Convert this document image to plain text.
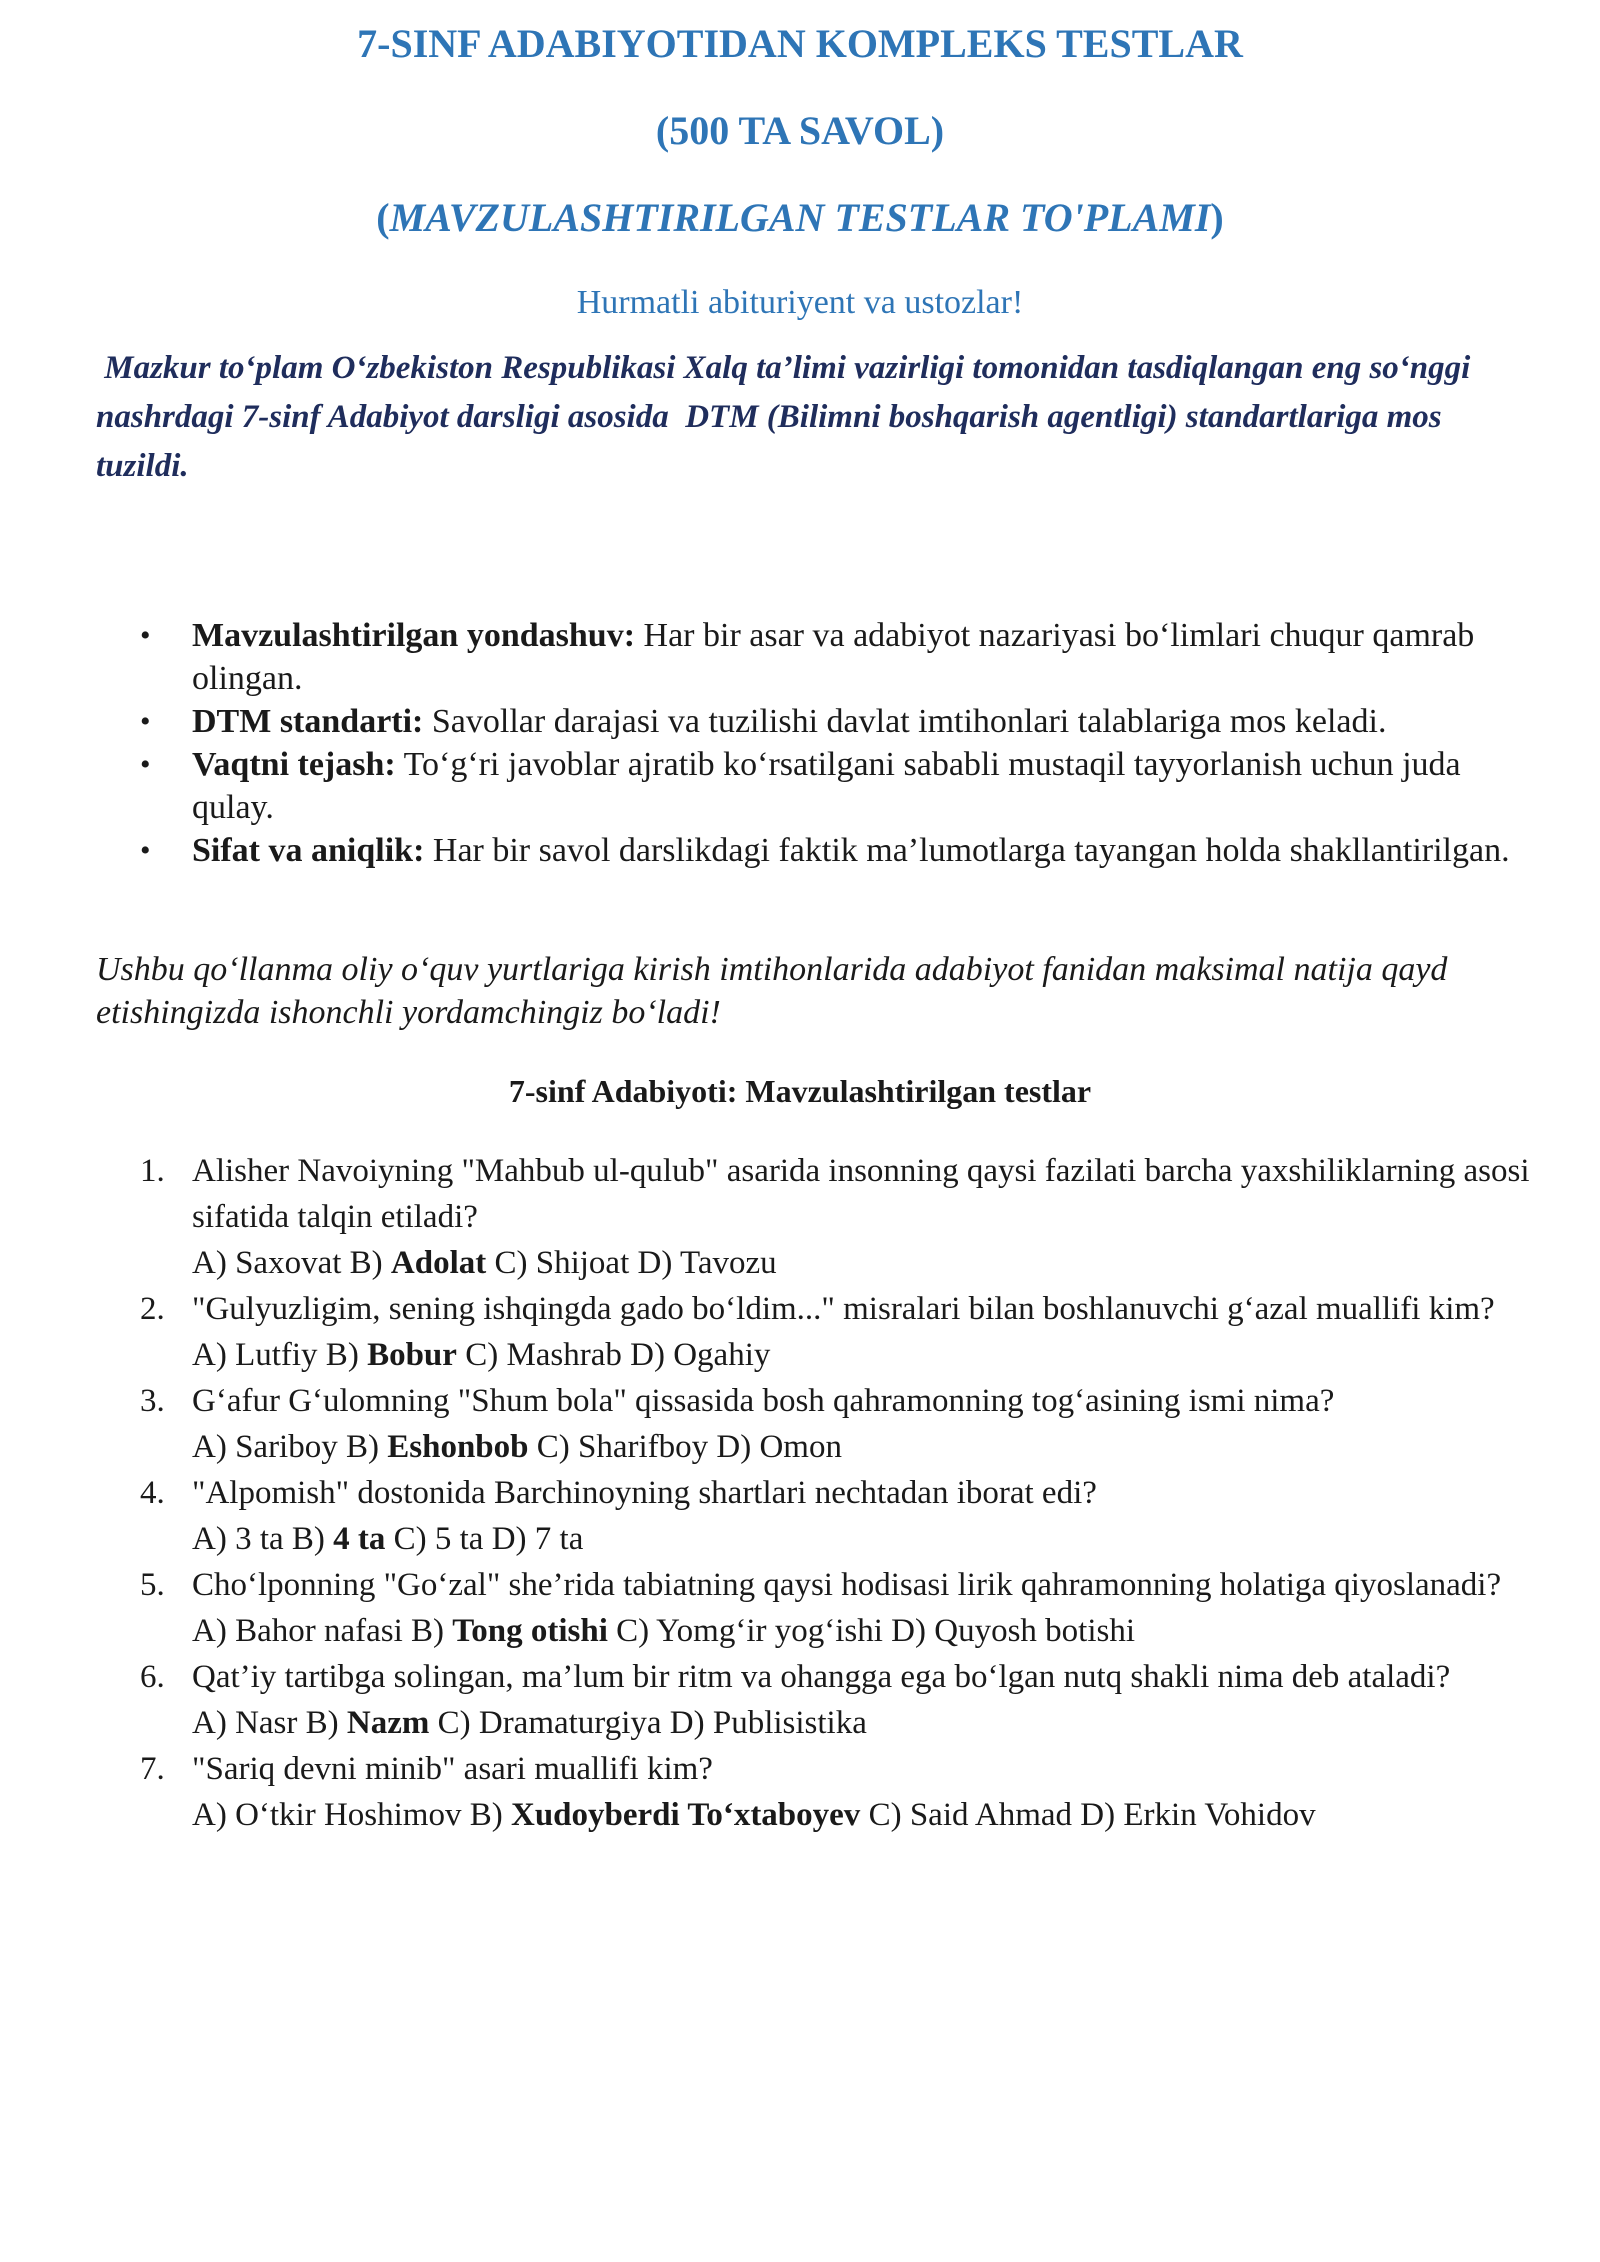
7-SINF ADABIYOTIDAN KOMPLEKS TESTLAR
(500 TA SAVOL)
(MAVZULASHTIRILGAN TESTLAR TO'PLAMI)
Hurmatli abituriyent va ustozlar!
Mazkur to‘plam O‘zbekiston Respublikasi Xalq ta’limi vazirligi tomonidan tasdiqlangan eng so‘nggi nashrdagi 7-sinf Adabiyot darsligi asosida  DTM (Bilimni boshqarish agentligi) standartlariga mos tuzildi.
• Mavzulashtirilgan yondashuv: Har bir asar va adabiyot nazariyasi bo‘limlari chuqur qamrab olingan.
• DTM standarti: Savollar darajasi va tuzilishi davlat imtihonlari talablariga mos keladi.
• Vaqtni tejash: To‘g‘ri javoblar ajratib ko‘rsatilgani sababli mustaqil tayyorlanish uchun juda qulay.
• Sifat va aniqlik: Har bir savol darslikdagi faktik ma’lumotlarga tayangan holda shakllantirilgan.
Ushbu qo‘llanma oliy o‘quv yurtlariga kirish imtihonlarida adabiyot fanidan maksimal natija qayd etishingizda ishonchli yordamchingiz bo‘ladi!
7-sinf Adabiyoti: Mavzulashtirilgan testlar
1. Alisher Navoiyning "Mahbub ul-qulub" asarida insonning qaysi fazilati barcha yaxshiliklarning asosi sifatida talqin etiladi?
A) Saxovat B) Adolat C) Shijoat D) Tavozu
2. "Gulyuzligim, sening ishqingda gado bo‘ldim..." misralari bilan boshlanuvchi g‘azal muallifi kim?
A) Lutfiy B) Bobur C) Mashrab D) Ogahiy
3. G‘afur G‘ulomning "Shum bola" qissasida bosh qahramonning tog‘asining ismi nima?
A) Sariboy B) Eshonbob C) Sharifboy D) Omon
4. "Alpomish" dostonida Barchinoyning shartlari nechtadan iborat edi?
A) 3 ta B) 4 ta C) 5 ta D) 7 ta
5. Cho‘lponning "Go‘zal" she’rida tabiatning qaysi hodisasi lirik qahramonning holatiga qiyoslanadi?
A) Bahor nafasi B) Tong otishi C) Yomg‘ir yog‘ishi D) Quyosh botishi
6. Qat’iy tartibga solingan, ma’lum bir ritm va ohangga ega bo‘lgan nutq shakli nima deb ataladi?
A) Nasr B) Nazm C) Dramaturgiya D) Publisistika
7. "Sariq devni minib" asari muallifi kim?
A) O‘tkir Hoshimov B) Xudoyberdi To‘xtaboyev C) Said Ahmad D) Erkin Vohidov
